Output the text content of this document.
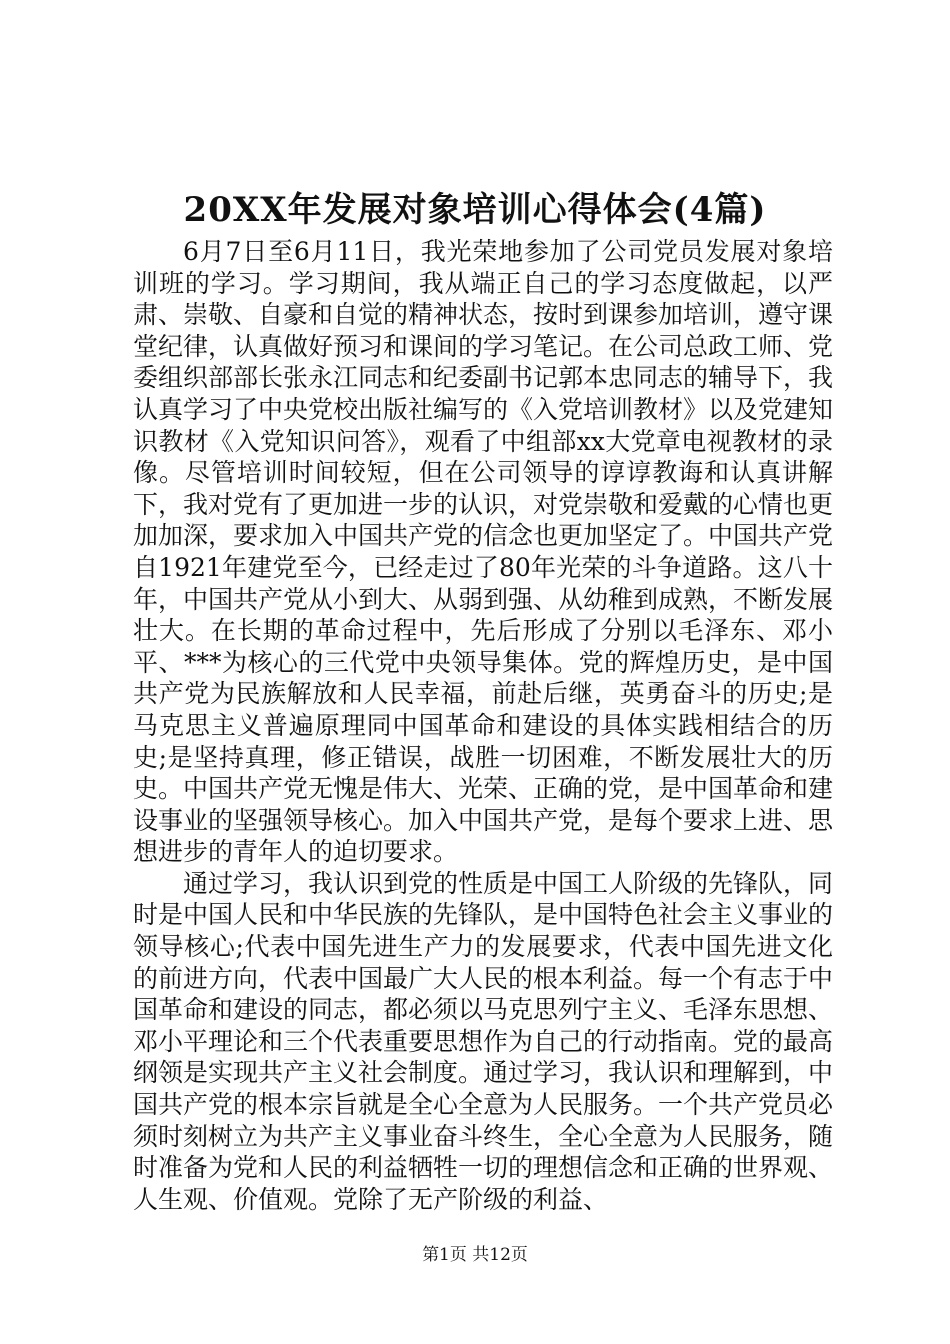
20XX年发展对象培训心得体会(4篇)

6月7日至6月11日，我光荣地参加了公司党员发展对象培训班的学习。学习期间，我从端正自己的学习态度做起，以严肃、崇敬、自豪和自觉的精神状态，按时到课参加培训，遵守课堂纪律，认真做好预习和课间的学习笔记。在公司总政工师、党委组织部部长张永江同志和纪委副书记郭本忠同志的辅导下，我认真学习了中央党校出版社编写的《入党培训教材》以及党建知识教材《入党知识问答》，观看了中组部xx大党章电视教材的录像。尽管培训时间较短，但在公司领导的谆谆教诲和认真讲解下，我对党有了更加进一步的认识，对党崇敬和爱戴的心情也更加加深，要求加入中国共产党的信念也更加坚定了。中国共产党自1921年建党至今，已经走过了80年光荣的斗争道路。这八十年，中国共产党从小到大、从弱到强、从幼稚到成熟，不断发展壮大。在长期的革命过程中，先后形成了分别以毛泽东、邓小平、***为核心的三代党中央领导集体。党的辉煌历史，是中国共产党为民族解放和人民幸福，前赴后继，英勇奋斗的历史;是马克思主义普遍原理同中国革命和建设的具体实践相结合的历史;是坚持真理，修正错误，战胜一切困难，不断发展壮大的历史。中国共产党无愧是伟大、光荣、正确的党，是中国革命和建设事业的坚强领导核心。加入中国共产党，是每个要求上进、思想进步的青年人的迫切要求。

通过学习，我认识到党的性质是中国工人阶级的先锋队，同时是中国人民和中华民族的先锋队，是中国特色社会主义事业的领导核心;代表中国先进生产力的发展要求，代表中国先进文化的前进方向，代表中国最广大人民的根本利益。每一个有志于中国革命和建设的同志，都必须以马克思列宁主义、毛泽东思想、邓小平理论和三个代表重要思想作为自己的行动指南。党的最高纲领是实现共产主义社会制度。通过学习，我认识和理解到，中国共产党的根本宗旨就是全心全意为人民服务。一个共产党员必须时刻树立为共产主义事业奋斗终生，全心全意为人民服务，随时准备为党和人民的利益牺牲一切的理想信念和正确的世界观、人生观、价值观。党除了无产阶级的利益、

第1页 共12页
